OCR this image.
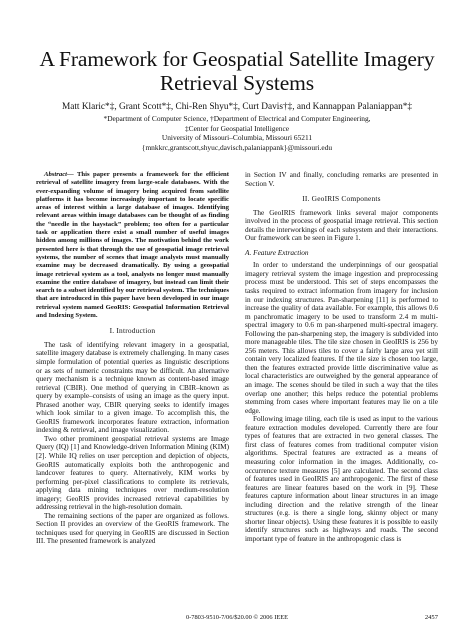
A Framework for Geospatial Satellite Imagery
Retrieval Systems
Matt Klaric*‡, Grant Scott*‡, Chi-Ren Shyu*‡, Curt Davis†‡, and Kannappan Palaniappan*‡
*Department of Computer Science, †Department of Electrical and Computer Engineering,
‡Center for Geospatial Intelligence
University of Missouri–Columbia, Missouri 65211
{mnkkrc,grantscott,shyuc,davisch,palaniappank}@missouri.edu

Abstract— This paper presents a framework for the efficient retrieval of satellite imagery from large-scale databases. With the ever-expanding volume of imagery being acquired from satellite platforms it has become increasingly important to locate specific areas of interest within a large database of images. Identifying relevant areas within image databases can be thought of as finding the “needle in the haystack” problem; too often for a particular task or application there exist a small number of useful images hidden among millions of images. The motivation behind the work presented here is that through the use of geospatial image retrieval systems, the number of scenes that image analysts must manually examine may be decreased dramatically. By using a geospatial image retrieval system as a tool, analysts no longer must manually examine the entire database of imagery, but instead can limit their search to a subset identified by our retrieval system. The techniques that are introduced in this paper have been developed in our image retrieval system named GeoRIS: Geospatial Information Retrieval and Indexing System.

I. Introduction

The task of identifying relevant imagery in a geospatial, satellite imagery database is extremely challenging. In many cases simple formulation of potential queries as linguistic descriptions or as sets of numeric constraints may be difficult. An alternative query mechanism is a technique known as content-based image retrieval (CBIR). One method of querying in CBIR–known as query by example–consists of using an image as the query input. Phrased another way, CBIR querying seeks to identify images which look similar to a given image. To accomplish this, the GeoRIS framework incorporates feature extraction, information indexing & retrieval, and image visualization.

Two other prominent geospatial retrieval systems are Image Query (IQ) [1] and Knowledge-driven Information Mining (KIM) [2]. While IQ relies on user perception and depiction of objects, GeoRIS automatically exploits both the anthropogenic and landcover features to query. Alternatively, KIM works by performing per-pixel classifications to complete its retrievals, applying data mining techniques over medium-resolution imagery; GeoRIS provides increased retrieval capabilities by addressing retrieval in the high-resolution domain.

The remaining sections of the paper are organized as follows. Section II provides an overview of the GeoRIS framework. The techniques used for querying in GeoRIS are discussed in Section III. The presented framework is analyzed

in Section IV and finally, concluding remarks are presented in Section V.

II. GeoIRIS Components

The GeoIRIS framework links several major components involved in the process of geospatial image retrieval. This section details the interworkings of each subsystem and their interactions. Our framework can be seen in Figure 1.

A. Feature Extraction

In order to understand the underpinnings of our geospatial imagery retrieval system the image ingestion and preprocessing process must be understood. This set of steps encompasses the tasks required to extract information from imagery for inclusion in our indexing structures. Pan-sharpening [11] is performed to increase the quality of data available. For example, this allows 0.6 m panchromatic imagery to be used to transform 2.4 m multi-spectral imagery to 0.6 m pan-sharpened multi-spectral imagery. Following the pan-sharpening step, the imagery is subdivided into more manageable tiles. The tile size chosen in GeoIRIS is 256 by 256 meters. This allows tiles to cover a fairly large area yet still contain very localized features. If the tile size is chosen too large, then the features extracted provide little discriminative value as local characteristics are outweighed by the general appearance of an image. The scenes should be tiled in such a way that the tiles overlap one another; this helps reduce the potential problems stemming from cases where important features may lie on a tile edge.

Following image tiling, each tile is used as input to the various feature extraction modules developed. Currently there are four types of features that are extracted in two general classes. The first class of features comes from traditional computer vision algorithms. Spectral features are extracted as a means of measuring color information in the images. Additionally, co-occurrence texture measures [5] are calculated. The second class of features used in GeoIRIS are anthropogenic. The first of these features are linear features based on the work in [9]. These features capture information about linear structures in an image including direction and the relative strength of the linear structures (e.g. is there a single long, skinny object or many shorter linear objects). Using these features it is possible to easily identify structures such as highways and roads. The second important type of feature in the anthropogenic class is

0-7803-9510-7/06/$20.00 © 2006 IEEE	2457
